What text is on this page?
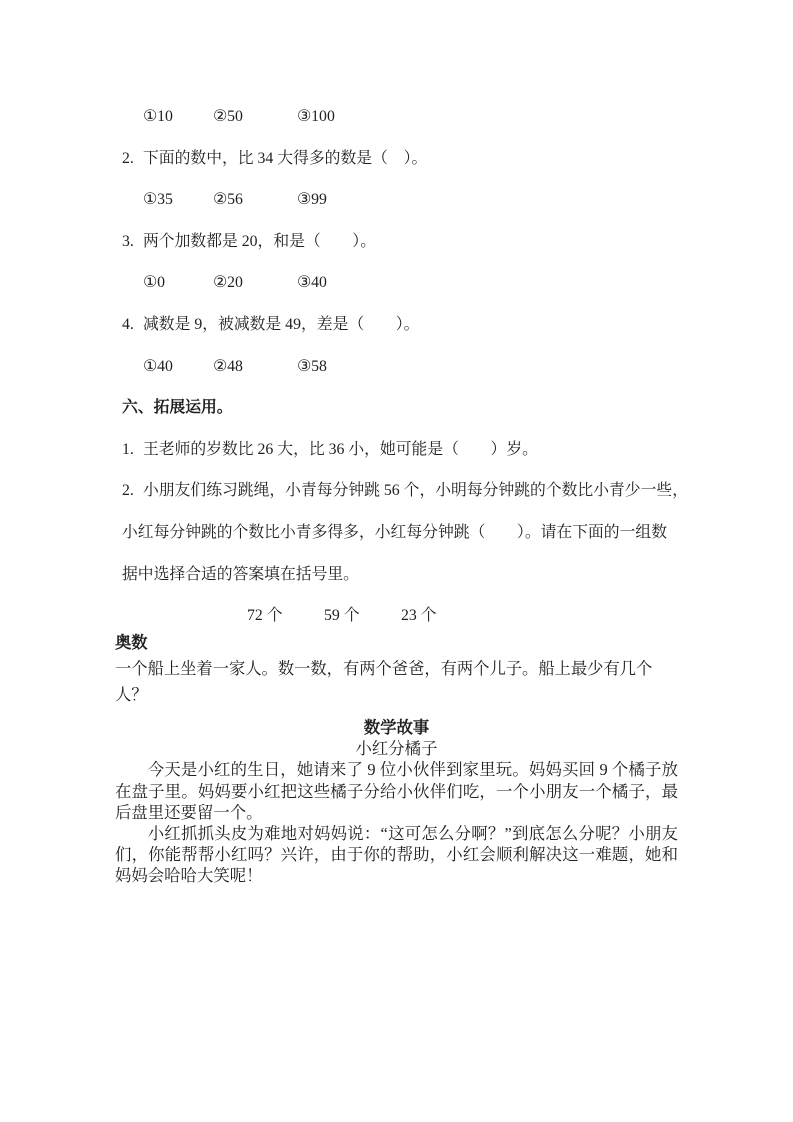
①10	②50	③100
2. 下面的数中，比 34 大得多的数是（　）。
①35	②56	③99
3. 两个加数都是 20，和是（　　）。
①0	②20	③40
4. 减数是 9，被减数是 49，差是（　　）。
①40	②48	③58
六、拓展运用。
1. 王老师的岁数比 26 大，比 36 小，她可能是（　　）岁。
2. 小朋友们练习跳绳，小青每分钟跳 56 个，小明每分钟跳的个数比小青少一些，
小红每分钟跳的个数比小青多得多，小红每分钟跳（　　）。请在下面的一组数
据中选择合适的答案填在括号里。
72 个	59 个	23 个
奥数
一个船上坐着一家人。数一数，有两个爸爸，有两个儿子。船上最少有几个人？
数学故事
小红分橘子

今天是小红的生日，她请来了 9 位小伙伴到家里玩。妈妈买回 9 个橘子放在盘子里。妈妈要小红把这些橘子分给小伙伴们吃，一个小朋友一个橘子，最后盘里还要留一个。

小红抓抓头皮为难地对妈妈说：“这可怎么分啊？”到底怎么分呢？小朋友们，你能帮帮小红吗？兴许，由于你的帮助，小红会顺利解决这一难题，她和妈妈会哈哈大笑呢！
